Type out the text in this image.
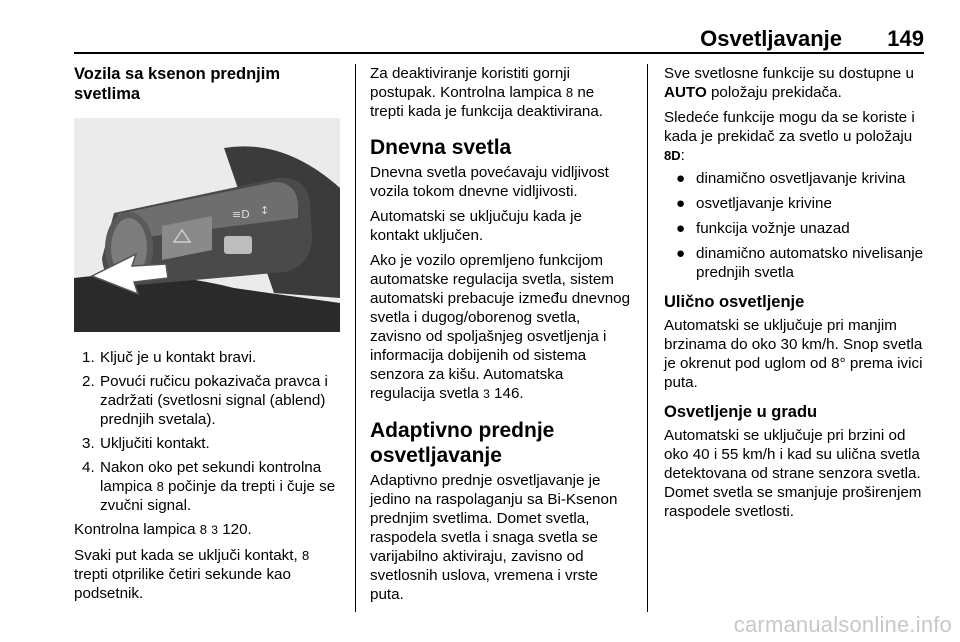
Osvetljavanje 149
Vozila sa ksenon prednjim svetlima
≡D ↕
1. Ključ je u kontakt bravi.
2. Povući ručicu pokazivača pravca i zadržati (svetlosni signal (ablend) prednjih svetala).
3. Uključiti kontakt.
4. Nakon oko pet sekundi kontrolna lampica 8 počinje da trepti i čuje se zvučni signal.

Kontrolna lampica 8 3 120.

Svaki put kada se uključi kontakt, 8 trepti otprilike četiri sekunde kao podsetnik.

Za deaktiviranje koristiti gornji postupak. Kontrolna lampica 8 ne trepti kada je funkcija deaktivirana.

Dnevna svetla

Dnevna svetla povećavaju vidljivost vozila tokom dnevne vidljivosti.

Automatski se uključuju kada je kontakt uključen.

Ako je vozilo opremljeno funkcijom automatske regulacija svetla, sistem automatski prebacuje između dnevnog svetla i dugog/oborenog svetla, zavisno od spoljašnjeg osvetljenja i informacija dobijenih od sistema senzora za kišu. Automatska regulacija svetla 3 146.

Adaptivno prednje osvetljavanje

Adaptivno prednje osvetljavanje je jedino na raspolaganju sa Bi-Ksenon prednjim svetlima. Domet svetla, raspodela svetla i snaga svetla se varijabilno aktiviraju, zavisno od svetlosnih uslova, vremena i vrste puta.

Sve svetlosne funkcije su dostupne u AUTO položaju prekidača.

Sledeće funkcije mogu da se koriste i kada je prekidač za svetlo u položaju 8D:

● dinamično osvetljavanje krivina
● osvetljavanje krivine
● funkcija vožnje unazad
● dinamično automatsko nivelisanje prednjih svetla
Ulično osvetljenje

Automatski se uključuje pri manjim brzinama do oko 30 km/h. Snop svetla je okrenut pod uglom od 8° prema ivici puta.

Osvetljenje u gradu

Automatski se uključuje pri brzini od oko 40 i 55 km/h i kad su ulična svetla detektovana od strane senzora svetla. Domet svetla se smanjuje proširenjem raspodele svetlosti.

carmanualsonline.info
